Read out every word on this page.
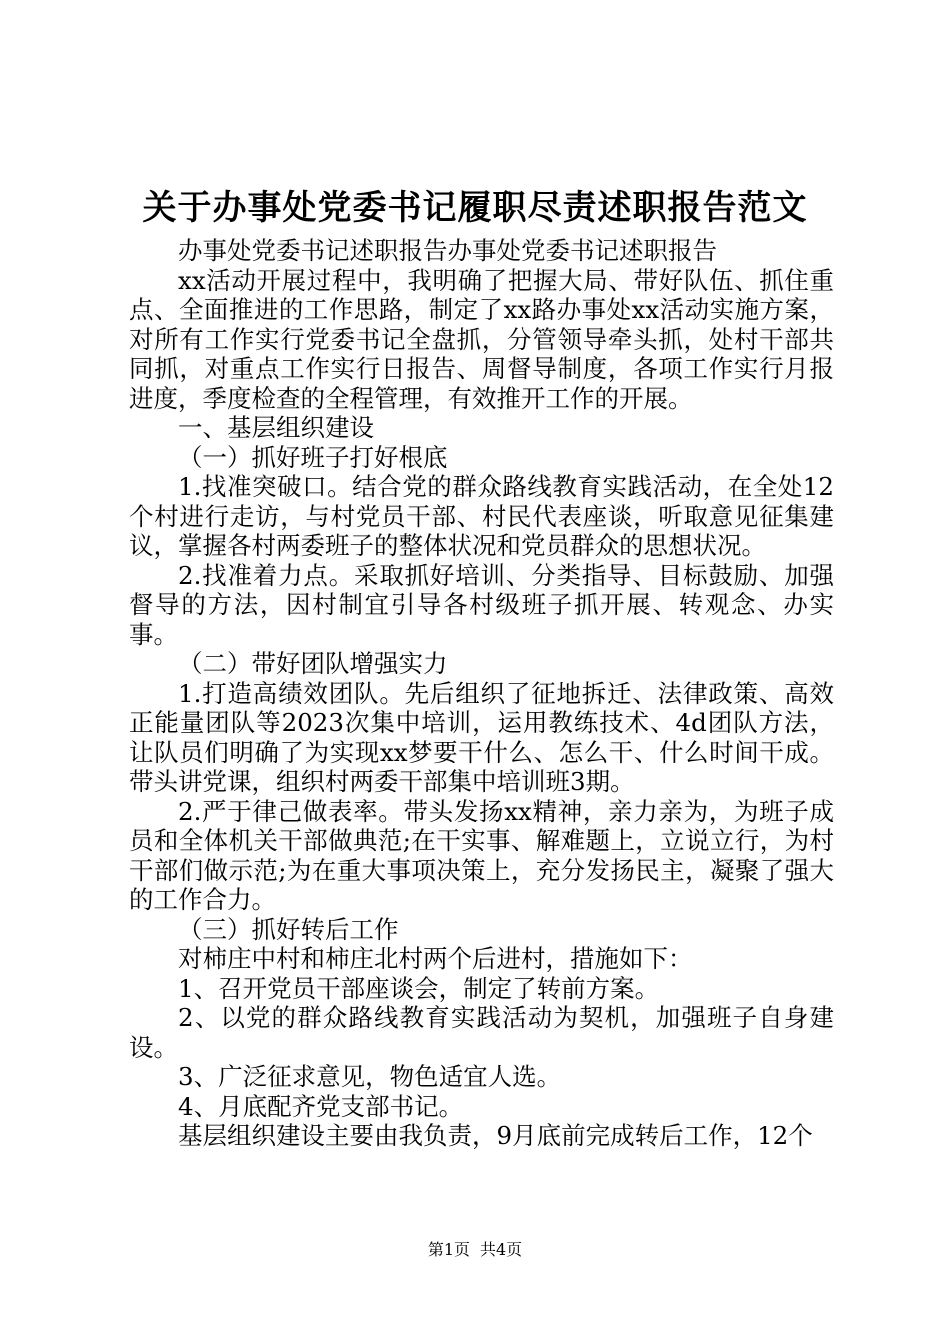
关于办事处党委书记履职尽责述职报告范文

办事处党委书记述职报告办事处党委书记述职报告

xx活动开展过程中，我明确了把握大局、带好队伍、抓住重点、全面推进的工作思路，制定了xx路办事处xx活动实施方案，对所有工作实行党委书记全盘抓，分管领导牵头抓，处村干部共同抓，对重点工作实行日报告、周督导制度，各项工作实行月报进度，季度检查的全程管理，有效推开工作的开展。

一、基层组织建设

（一）抓好班子打好根底

1.找准突破口。结合党的群众路线教育实践活动，在全处12个村进行走访，与村党员干部、村民代表座谈，听取意见征集建议，掌握各村两委班子的整体状况和党员群众的思想状况。

2.找准着力点。采取抓好培训、分类指导、目标鼓励、加强督导的方法，因村制宜引导各村级班子抓开展、转观念、办实事。

（二）带好团队增强实力

1.打造高绩效团队。先后组织了征地拆迁、法律政策、高效正能量团队等2023次集中培训，运用教练技术、4d团队方法，让队员们明确了为实现xx梦要干什么、怎么干、什么时间干成。带头讲党课，组织村两委干部集中培训班3期。

2.严于律己做表率。带头发扬xx精神，亲力亲为，为班子成员和全体机关干部做典范;在干实事、解难题上，立说立行，为村干部们做示范;为在重大事项决策上，充分发扬民主，凝聚了强大的工作合力。

（三）抓好转后工作

对柿庄中村和柿庄北村两个后进村，措施如下：

1、召开党员干部座谈会，制定了转前方案。

2、以党的群众路线教育实践活动为契机，加强班子自身建设。

3、广泛征求意见，物色适宜人选。

4、月底配齐党支部书记。

基层组织建设主要由我负责，9月底前完成转后工作，12个

第1页 共4页
